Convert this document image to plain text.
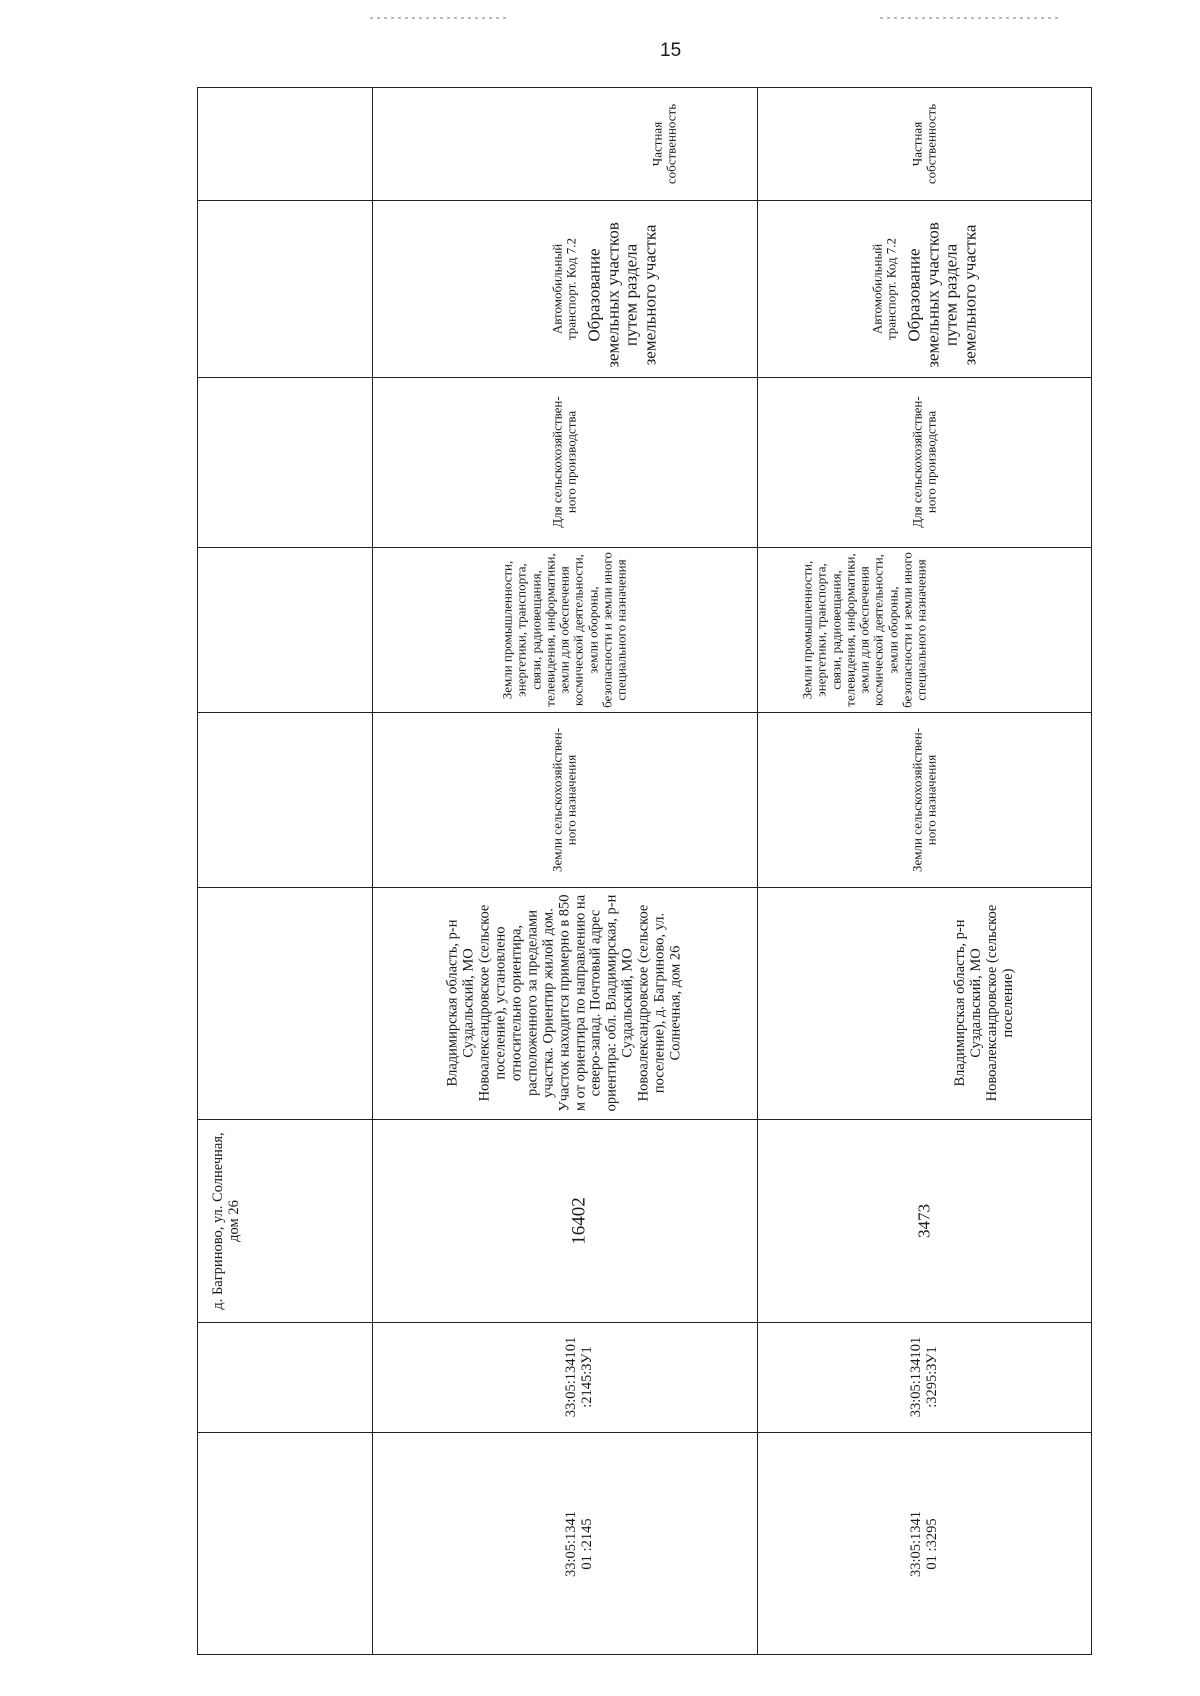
15
д. Багриново, ул. Солнечная, дом 26
33:05:1341 01 :2145
33:05:134101 :2145:ЗУ1
16402
Владимирская область, р-н Суздальский, МО Новоалександровское (сельское поселение), установлено относительно ориентира, расположенного за пределами участка. Ориентир жилой дом. Участок находится примерно в 850 м от ориентира по направлению на северо-запад. Почтовый адрес ориентира: обл. Владимирская, р-н Суздальский, МО Новоалександровское (сельское поселение), д. Багриново, ул. Солнечная, дом 26
Земли сельскохозяйствен-ного назначения
Земли промышленности, энергетики, транспорта, связи, радиовещания, телевидения, информатики, земли для обеспечения космической деятельности, земли обороны, безопасности и земли иного специального назначения
Для сельскохозяйствен-ного производства
Автомобильный транспорт. Код 7.2
Частная собственность
33:05:1341 01 :3295
33:05:134101 :3295:ЗУ1
3473
Владимирская область, р-н Суздальский, МО Новоалександровское (сельское поселение)
Земли сельскохозяйствен-ного назначения
Земли промышленности, энергетики, транспорта, связи, радиовещания, телевидения, информатики, земли для обеспечения космической деятельности, земли обороны, безопасности и земли иного специального назначения
Для сельскохозяйствен-ного производства
Автомобильный транспорт. Код 7.2
Частная собственность
Образование земельных участков путем раздела земельного участка	Образование земельных участков путем раздела земельного участка
